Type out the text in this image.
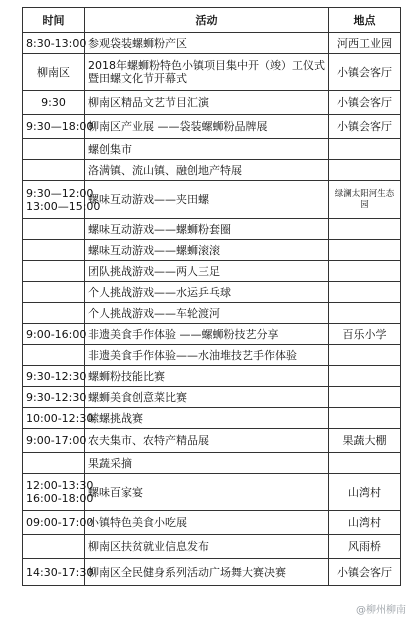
时间	活动	地点

8:30-13:00	参观袋装螺蛳粉产区	河西工业园

柳南区	2018年螺蛳粉特色小镇项目集中开（竣）工仪式暨田螺文化节开幕式	小镇会客厅

9:30	柳南区精品文艺节目汇演	小镇会客厅

9:30—18:00	柳南区产业展 ——袋装螺蛳粉品牌展	小镇会客厅

	螺创集市	

	洛满镇、流山镇、融创地产特展	

9:30—12:00
13:00—15:00	螺味互动游戏——夹田螺	绿澜太阳河生态园

	螺味互动游戏——螺蛳粉套圈	

	螺味互动游戏——螺蛳滚滚	

	团队挑战游戏——两人三足	

	个人挑战游戏——水运乒乓球	

	个人挑战游戏——车轮渡河	

9:00-16:00	非遗美食手作体验 ——螺蛳粉技艺分享	百乐小学

	非遗美食手作体验——水油堆技艺手作体验	

9:30-12:30	螺蛳粉技能比赛	

9:30-12:30	螺蛳美食创意菜比赛	

10:00-12:30	嗦螺挑战赛	

9:00-17:00	农夫集市、农特产精品展	果蔬大棚

	果蔬采摘	

12:00-13:30
16:00-18:00	螺味百家宴	山湾村

09:00-17:00	小镇特色美食小吃展	山湾村

	柳南区扶贫就业信息发布	风雨桥

14:30-17:30	柳南区全民健身系列活动广场舞大赛决赛	小镇会客厅
@柳州柳南
